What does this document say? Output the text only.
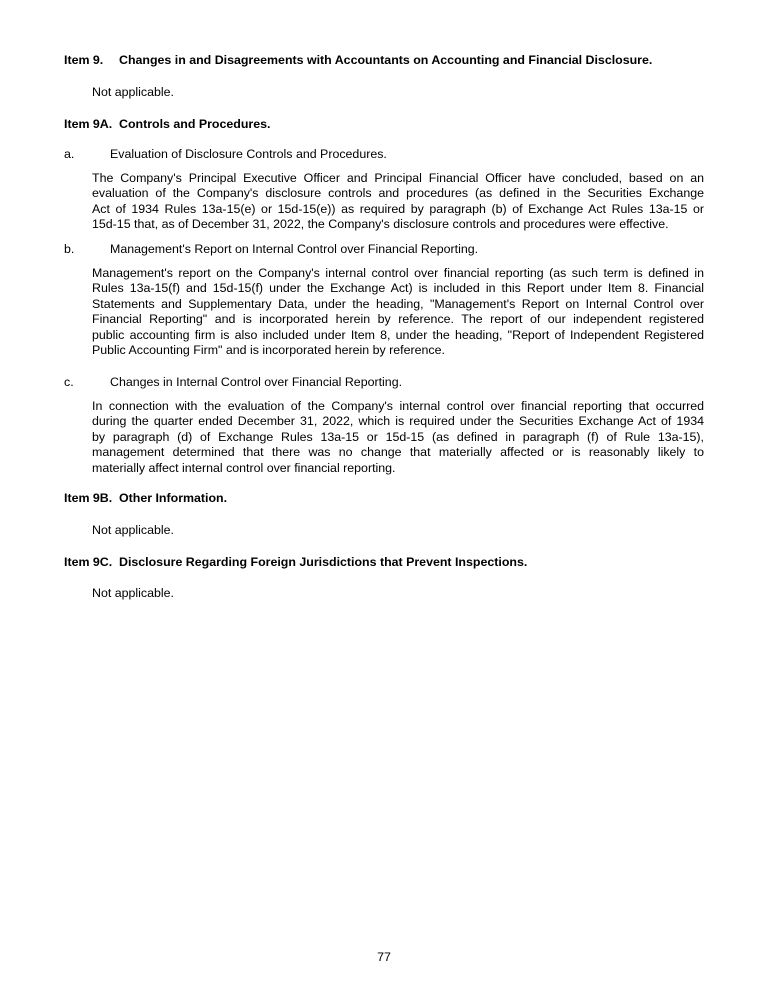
Item 9. Changes in and Disagreements with Accountants on Accounting and Financial Disclosure.
Not applicable.
Item 9A. Controls and Procedures.
a.	Evaluation of Disclosure Controls and Procedures.
The Company's Principal Executive Officer and Principal Financial Officer have concluded, based on an
evaluation of the Company's disclosure controls and procedures (as defined in the Securities Exchange
Act of 1934 Rules 13a-15(e) or 15d-15(e)) as required by paragraph (b) of Exchange Act Rules 13a-15 or
15d-15 that, as of December 31, 2022, the Company's disclosure controls and procedures were effective.
b.	Management's Report on Internal Control over Financial Reporting.
Management's report on the Company's internal control over financial reporting (as such term is defined in
Rules 13a-15(f) and 15d-15(f) under the Exchange Act) is included in this Report under Item 8. Financial
Statements and Supplementary Data, under the heading, "Management's Report on Internal Control over
Financial Reporting" and is incorporated herein by reference. The report of our independent registered
public accounting firm is also included under Item 8, under the heading, "Report of Independent Registered
Public Accounting Firm" and is incorporated herein by reference.
c.	Changes in Internal Control over Financial Reporting.
In connection with the evaluation of the Company's internal control over financial reporting that occurred
during the quarter ended December 31, 2022, which is required under the Securities Exchange Act of 1934
by paragraph (d) of Exchange Rules 13a-15 or 15d-15 (as defined in paragraph (f) of Rule 13a-15),
management determined that there was no change that materially affected or is reasonably likely to
materially affect internal control over financial reporting.
Item 9B. Other Information.
Not applicable.
Item 9C. Disclosure Regarding Foreign Jurisdictions that Prevent Inspections.
Not applicable.
77
